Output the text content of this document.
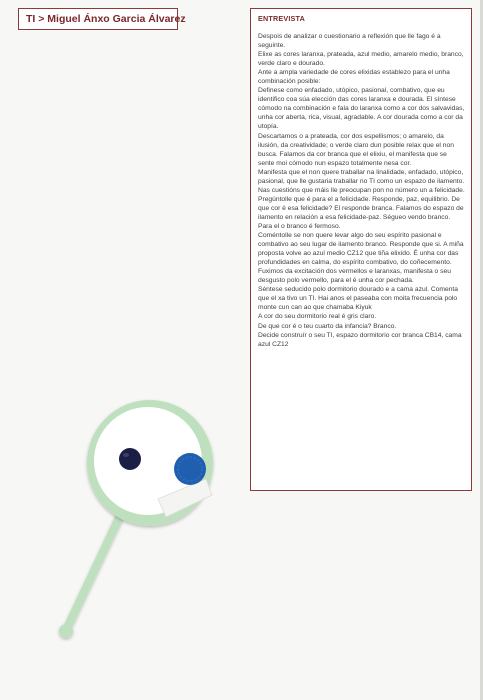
TI > Miguel Ánxo Garcia Álvarez	ENTREVISTA

Despois de analizar o cuestionario a reflexión que lle fago é a seguinte.

Elixe as cores laranxa, prateada, azul medio, amarelo medio, branco, verde claro e dourado.

Ante a ampla variedade de cores elixidas establezo para el unha combinación posible:

Definese como enfadado, utópico, pasional, combativo, que eu identifico coa súa elección das cores laranxa e dourada. El síntese cómodo na combinación e fala do laranxa como a cor dos salvavidas, unha cor aberta, rica, visual, agradable. A cor dourada como a cor da utopía.

Descartamos o a prateada, cor dos espellismos; o amarelo, da ilusión, da creatividade; o verde claro dun posible relax que el non busca. Falamos da cor branca que el elixiu, el manifesta que se sente moi cómodo nun espazo totalmente nesa cor.

Manifesta que el non quere traballar na linalidade, enfadado, utópico, pasional, que lle gustaria traballar no TI como un espazo de ilamento.

Nas cuestións que máis lle preocupan pon no número un a felicidade. Pregúntolle que é para el a felicidade. Responde, paz, equilibrio. De que cor é esa felicidade? El responde branca. Falamos do espazo de ilamento en relación a esa felicidade-paz. Ségueo vendo branco. Para el o branco é fermoso.

Coméntolle se non quere levar algo do seu espírito pasional e combativo ao seu lugar de ilamento branco. Responde que si. A miña proposta volve ao azul medio CZ12 que tiña elixido. É unha cor das profundidades en calma, do espírito combativo, do coñecemento. Fuximos da excitación dos vermellos e laranxas, manifesta o seu desgusto polo vermello, para el é unha cor pechada.

Séntese seducido polo dormitorio dourado e a cama azul. Comenta que el xa tivo un TI. Hai anos el paseaba con moita frecuencia polo monte cun can ao que chamaba Kiyuk

A cor do seu dormitorio real é gris claro.

De que cor é o teu cuarto da infancia? Branco.

Decide construír o seu TI, espazo dormitorio cor branca CB14, cama azul CZ12
